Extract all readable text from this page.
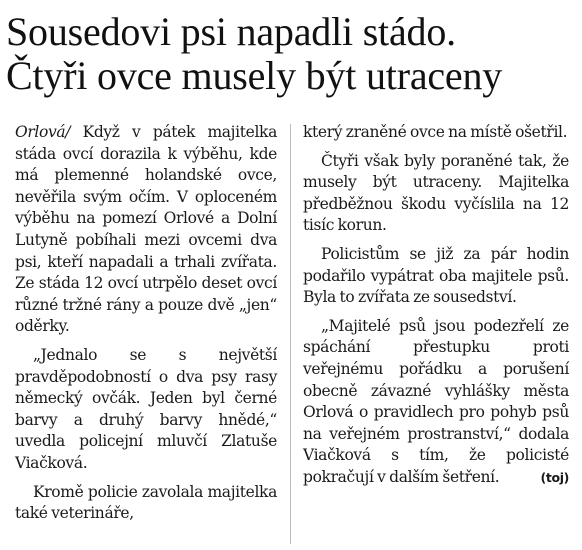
Sousedovi psi napadli stádo.
Čtyři ovce musely být utraceny

Orlová/ Když v pátek majitelka stáda ovcí dorazila k výběhu, kde má plemenné holandské ovce, nevěřila svým očím. V oploceném výběhu na pomezí Orlové a Dolní Lutyně pobíhali mezi ovcemi dva psi, kteří napadali a trhali zvířata. Ze stáda 12 ovcí utrpělo deset ovcí různé tržné rány a pouze dvě „jen“ oděrky.

„Jednalo se s největší pravděpodobností o dva psy rasy německý ovčák. Jeden byl černé barvy a druhý barvy hnědé,“ uvedla policejní mluvčí Zlatuše Viačková.

Kromě policie zavolala majitelka také veterináře,

který zraněné ovce na místě ošetřil.

Čtyři však byly poraněné tak, že musely být utraceny. Majitelka předběžnou škodu vyčíslila na 12 tisíc korun.

Policistům se již za pár hodin podařilo vypátrat oba majitele psů. Byla to zvířata ze sousedství.

„Majitelé psů jsou podezřelí ze spáchání přestupku proti veřejnému pořádku a porušení obecně závazné vyhlášky města Orlová o pravidlech pro pohyb psů na veřejném prostranství,“ dodala Viačková s tím, že policisté pokračují v dalším šetření.	(toj)
